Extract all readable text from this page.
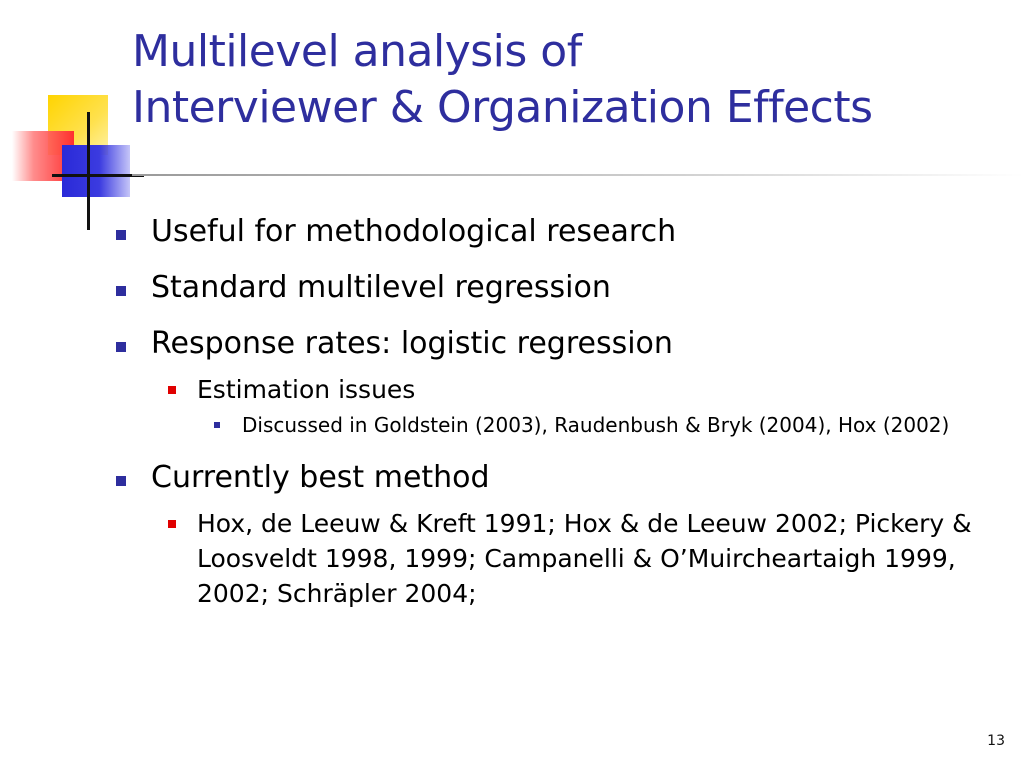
Multilevel analysis of
Interviewer & Organization Effects
Useful for methodological research
Standard multilevel regression
Response rates: logistic regression
Estimation issues
Discussed in Goldstein (2003), Raudenbush & Bryk (2004), Hox (2002)
Currently best method
Hox, de Leeuw & Kreft 1991; Hox & de Leeuw 2002; Pickery & Loosveldt 1998, 1999; Campanelli & O’Muircheartaigh 1999, 2002; Schräpler 2004;
13
